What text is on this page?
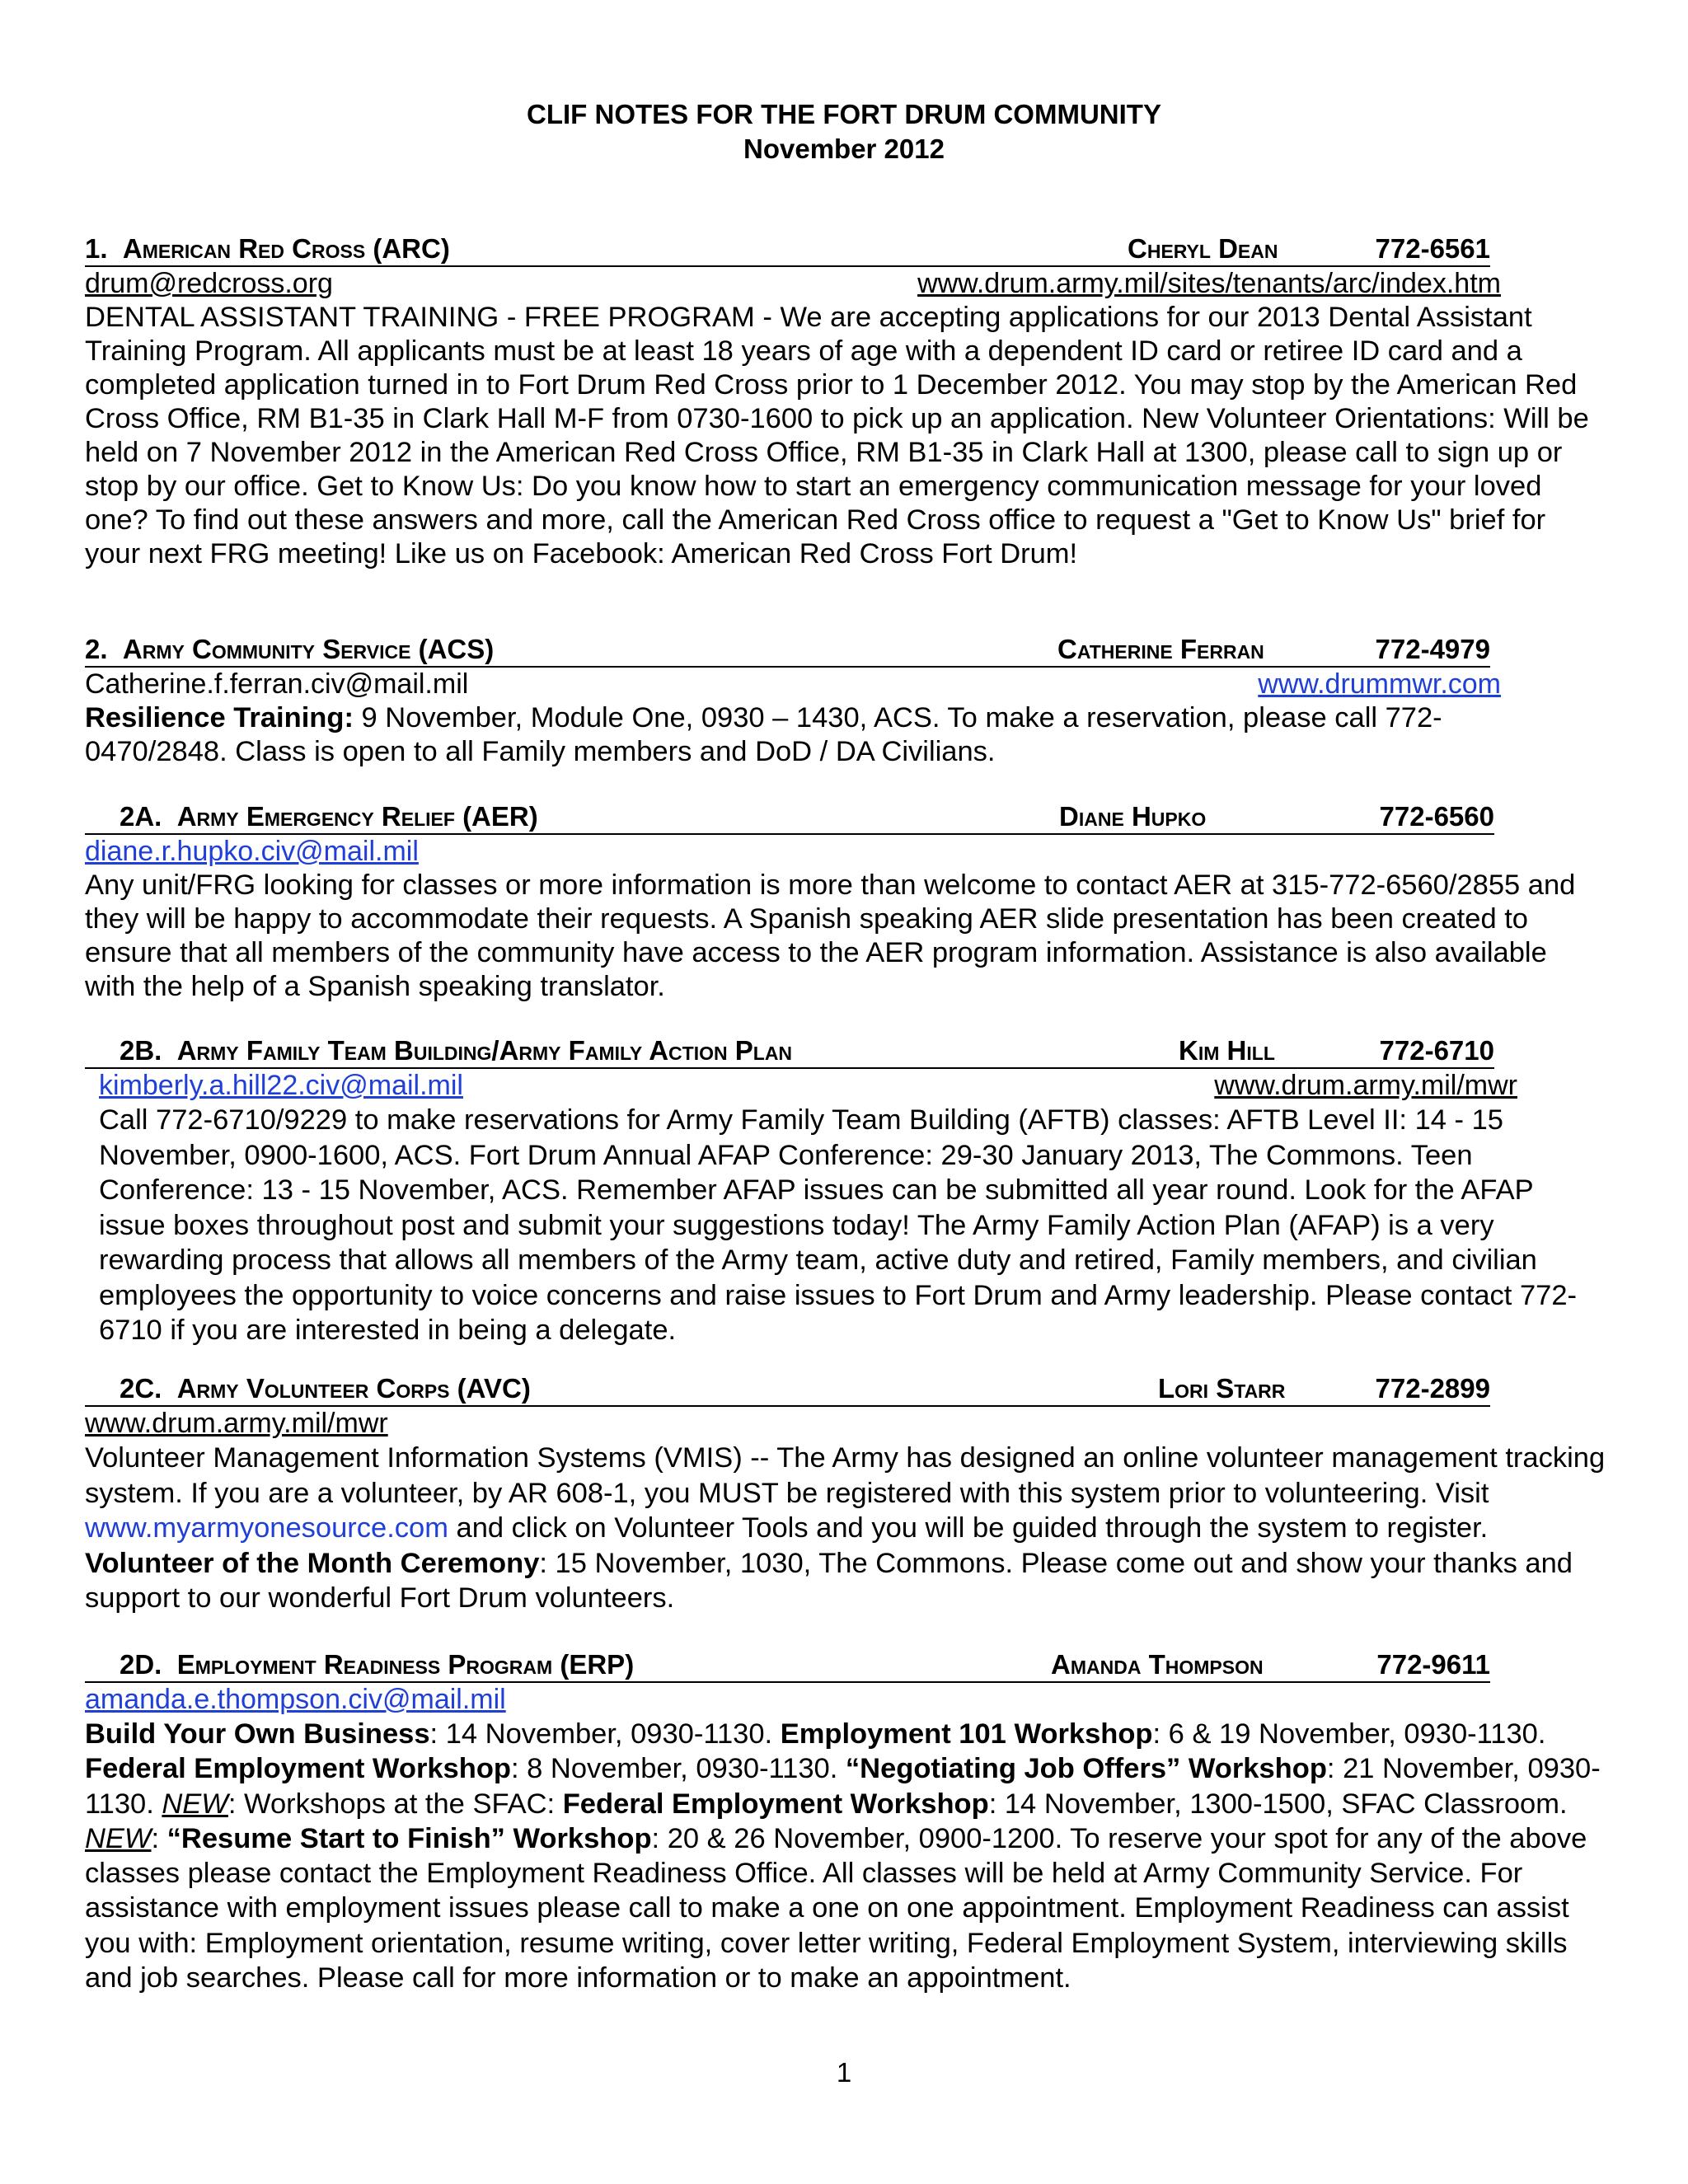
CLIF NOTES FOR THE FORT DRUM COMMUNITY
November 2012
1. American Red Cross (ARC)	Cheryl Dean	772-6561
drum@redcross.org	www.drum.army.mil/sites/tenants/arc/index.htm

DENTAL ASSISTANT TRAINING - FREE PROGRAM - We are accepting applications for our 2013 Dental Assistant Training Program. All applicants must be at least 18 years of age with a dependent ID card or retiree ID card and a completed application turned in to Fort Drum Red Cross prior to 1 December 2012. You may stop by the American Red Cross Office, RM B1-35 in Clark Hall M-F from 0730-1600 to pick up an application. New Volunteer Orientations: Will be held on 7 November 2012 in the American Red Cross Office, RM B1-35 in Clark Hall at 1300, please call to sign up or stop by our office. Get to Know Us: Do you know how to start an emergency communication message for your loved one? To find out these answers and more, call the American Red Cross office to request a "Get to Know Us" brief for your next FRG meeting! Like us on Facebook: American Red Cross Fort Drum!

2. Army Community Service (ACS)	Catherine Ferran	772-4979
Catherine.f.ferran.civ@mail.mil	www.drummwr.com

Resilience Training: 9 November, Module One, 0930 – 1430, ACS. To make a reservation, please call 772-0470/2848. Class is open to all Family members and DoD / DA Civilians.

2A. Army Emergency Relief (AER)	Diane Hupko	772-6560
diane.r.hupko.civ@mail.mil

Any unit/FRG looking for classes or more information is more than welcome to contact AER at 315-772-6560/2855 and they will be happy to accommodate their requests. A Spanish speaking AER slide presentation has been created to ensure that all members of the community have access to the AER program information. Assistance is also available with the help of a Spanish speaking translator.

2B. Army Family Team Building/Army Family Action Plan	Kim Hill	772-6710
kimberly.a.hill22.civ@mail.mil	www.drum.army.mil/mwr

Call 772-6710/9229 to make reservations for Army Family Team Building (AFTB) classes: AFTB Level II: 14 - 15 November, 0900-1600, ACS. Fort Drum Annual AFAP Conference: 29-30 January 2013, The Commons. Teen Conference: 13 - 15 November, ACS. Remember AFAP issues can be submitted all year round. Look for the AFAP issue boxes throughout post and submit your suggestions today! The Army Family Action Plan (AFAP) is a very rewarding process that allows all members of the Army team, active duty and retired, Family members, and civilian employees the opportunity to voice concerns and raise issues to Fort Drum and Army leadership. Please contact 772-6710 if you are interested in being a delegate.

2C. Army Volunteer Corps (AVC)	Lori Starr	772-2899
www.drum.army.mil/mwr

Volunteer Management Information Systems (VMIS) -- The Army has designed an online volunteer management tracking system. If you are a volunteer, by AR 608-1, you MUST be registered with this system prior to volunteering. Visit www.myarmyonesource.com and click on Volunteer Tools and you will be guided through the system to register. Volunteer of the Month Ceremony: 15 November, 1030, The Commons. Please come out and show your thanks and support to our wonderful Fort Drum volunteers.

2D. Employment Readiness Program (ERP)	Amanda Thompson	772-9611
amanda.e.thompson.civ@mail.mil

Build Your Own Business: 14 November, 0930-1130. Employment 101 Workshop: 6 & 19 November, 0930-1130. Federal Employment Workshop: 8 November, 0930-1130. “Negotiating Job Offers” Workshop: 21 November, 0930-1130. NEW: Workshops at the SFAC: Federal Employment Workshop: 14 November, 1300-1500, SFAC Classroom. NEW: “Resume Start to Finish” Workshop: 20 & 26 November, 0900-1200. To reserve your spot for any of the above classes please contact the Employment Readiness Office. All classes will be held at Army Community Service. For assistance with employment issues please call to make a one on one appointment. Employment Readiness can assist you with: Employment orientation, resume writing, cover letter writing, Federal Employment System, interviewing skills and job searches. Please call for more information or to make an appointment.

1
